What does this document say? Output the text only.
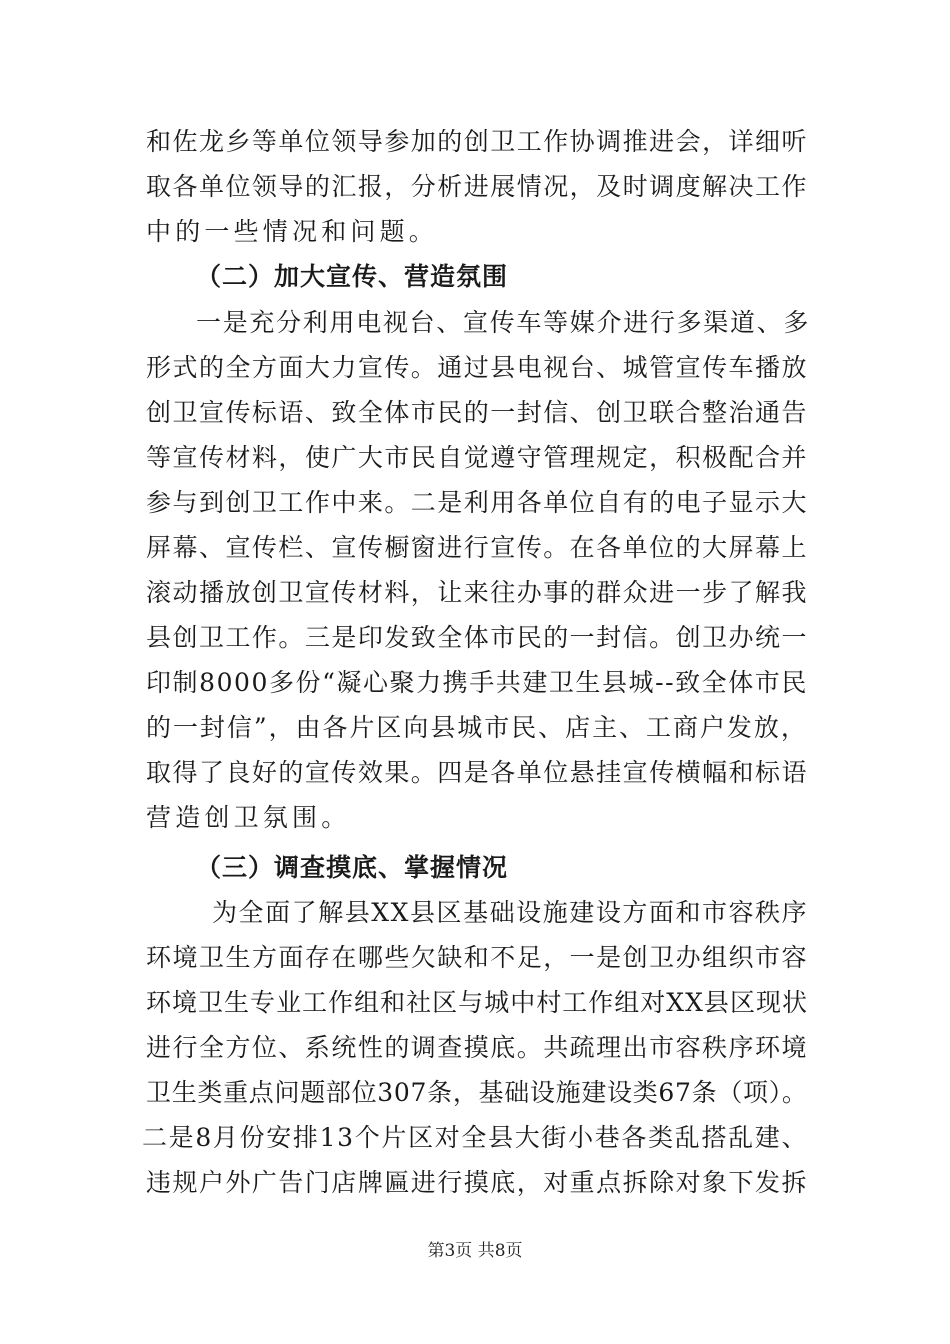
和佐龙乡等单位领导参加的创卫工作协调推进会，详细听
取各单位领导的汇报，分析进展情况，及时调度解决工作
中的一些情况和问题。
（二）加大宣传、营造氛围
一是充分利用电视台、宣传车等媒介进行多渠道、多
形式的全方面大力宣传。通过县电视台、城管宣传车播放
创卫宣传标语、致全体市民的一封信、创卫联合整治通告
等宣传材料，使广大市民自觉遵守管理规定，积极配合并
参与到创卫工作中来。二是利用各单位自有的电子显示大
屏幕、宣传栏、宣传橱窗进行宣传。在各单位的大屏幕上
滚动播放创卫宣传材料，让来往办事的群众进一步了解我
县创卫工作。三是印发致全体市民的一封信。创卫办统一
印制8000多份“凝心聚力携手共建卫生县城--致全体市民
的一封信”，由各片区向县城市民、店主、工商户发放，
取得了良好的宣传效果。四是各单位悬挂宣传横幅和标语
营造创卫氛围。
（三）调查摸底、掌握情况
为全面了解县XX县区基础设施建设方面和市容秩序
环境卫生方面存在哪些欠缺和不足，一是创卫办组织市容
环境卫生专业工作组和社区与城中村工作组对XX县区现状
进行全方位、系统性的调查摸底。共疏理出市容秩序环境
卫生类重点问题部位307条，基础设施建设类67条（项）。
二是8月份安排13个片区对全县大街小巷各类乱搭乱建、
违规户外广告门店牌匾进行摸底，对重点拆除对象下发拆
第3页 共8页
